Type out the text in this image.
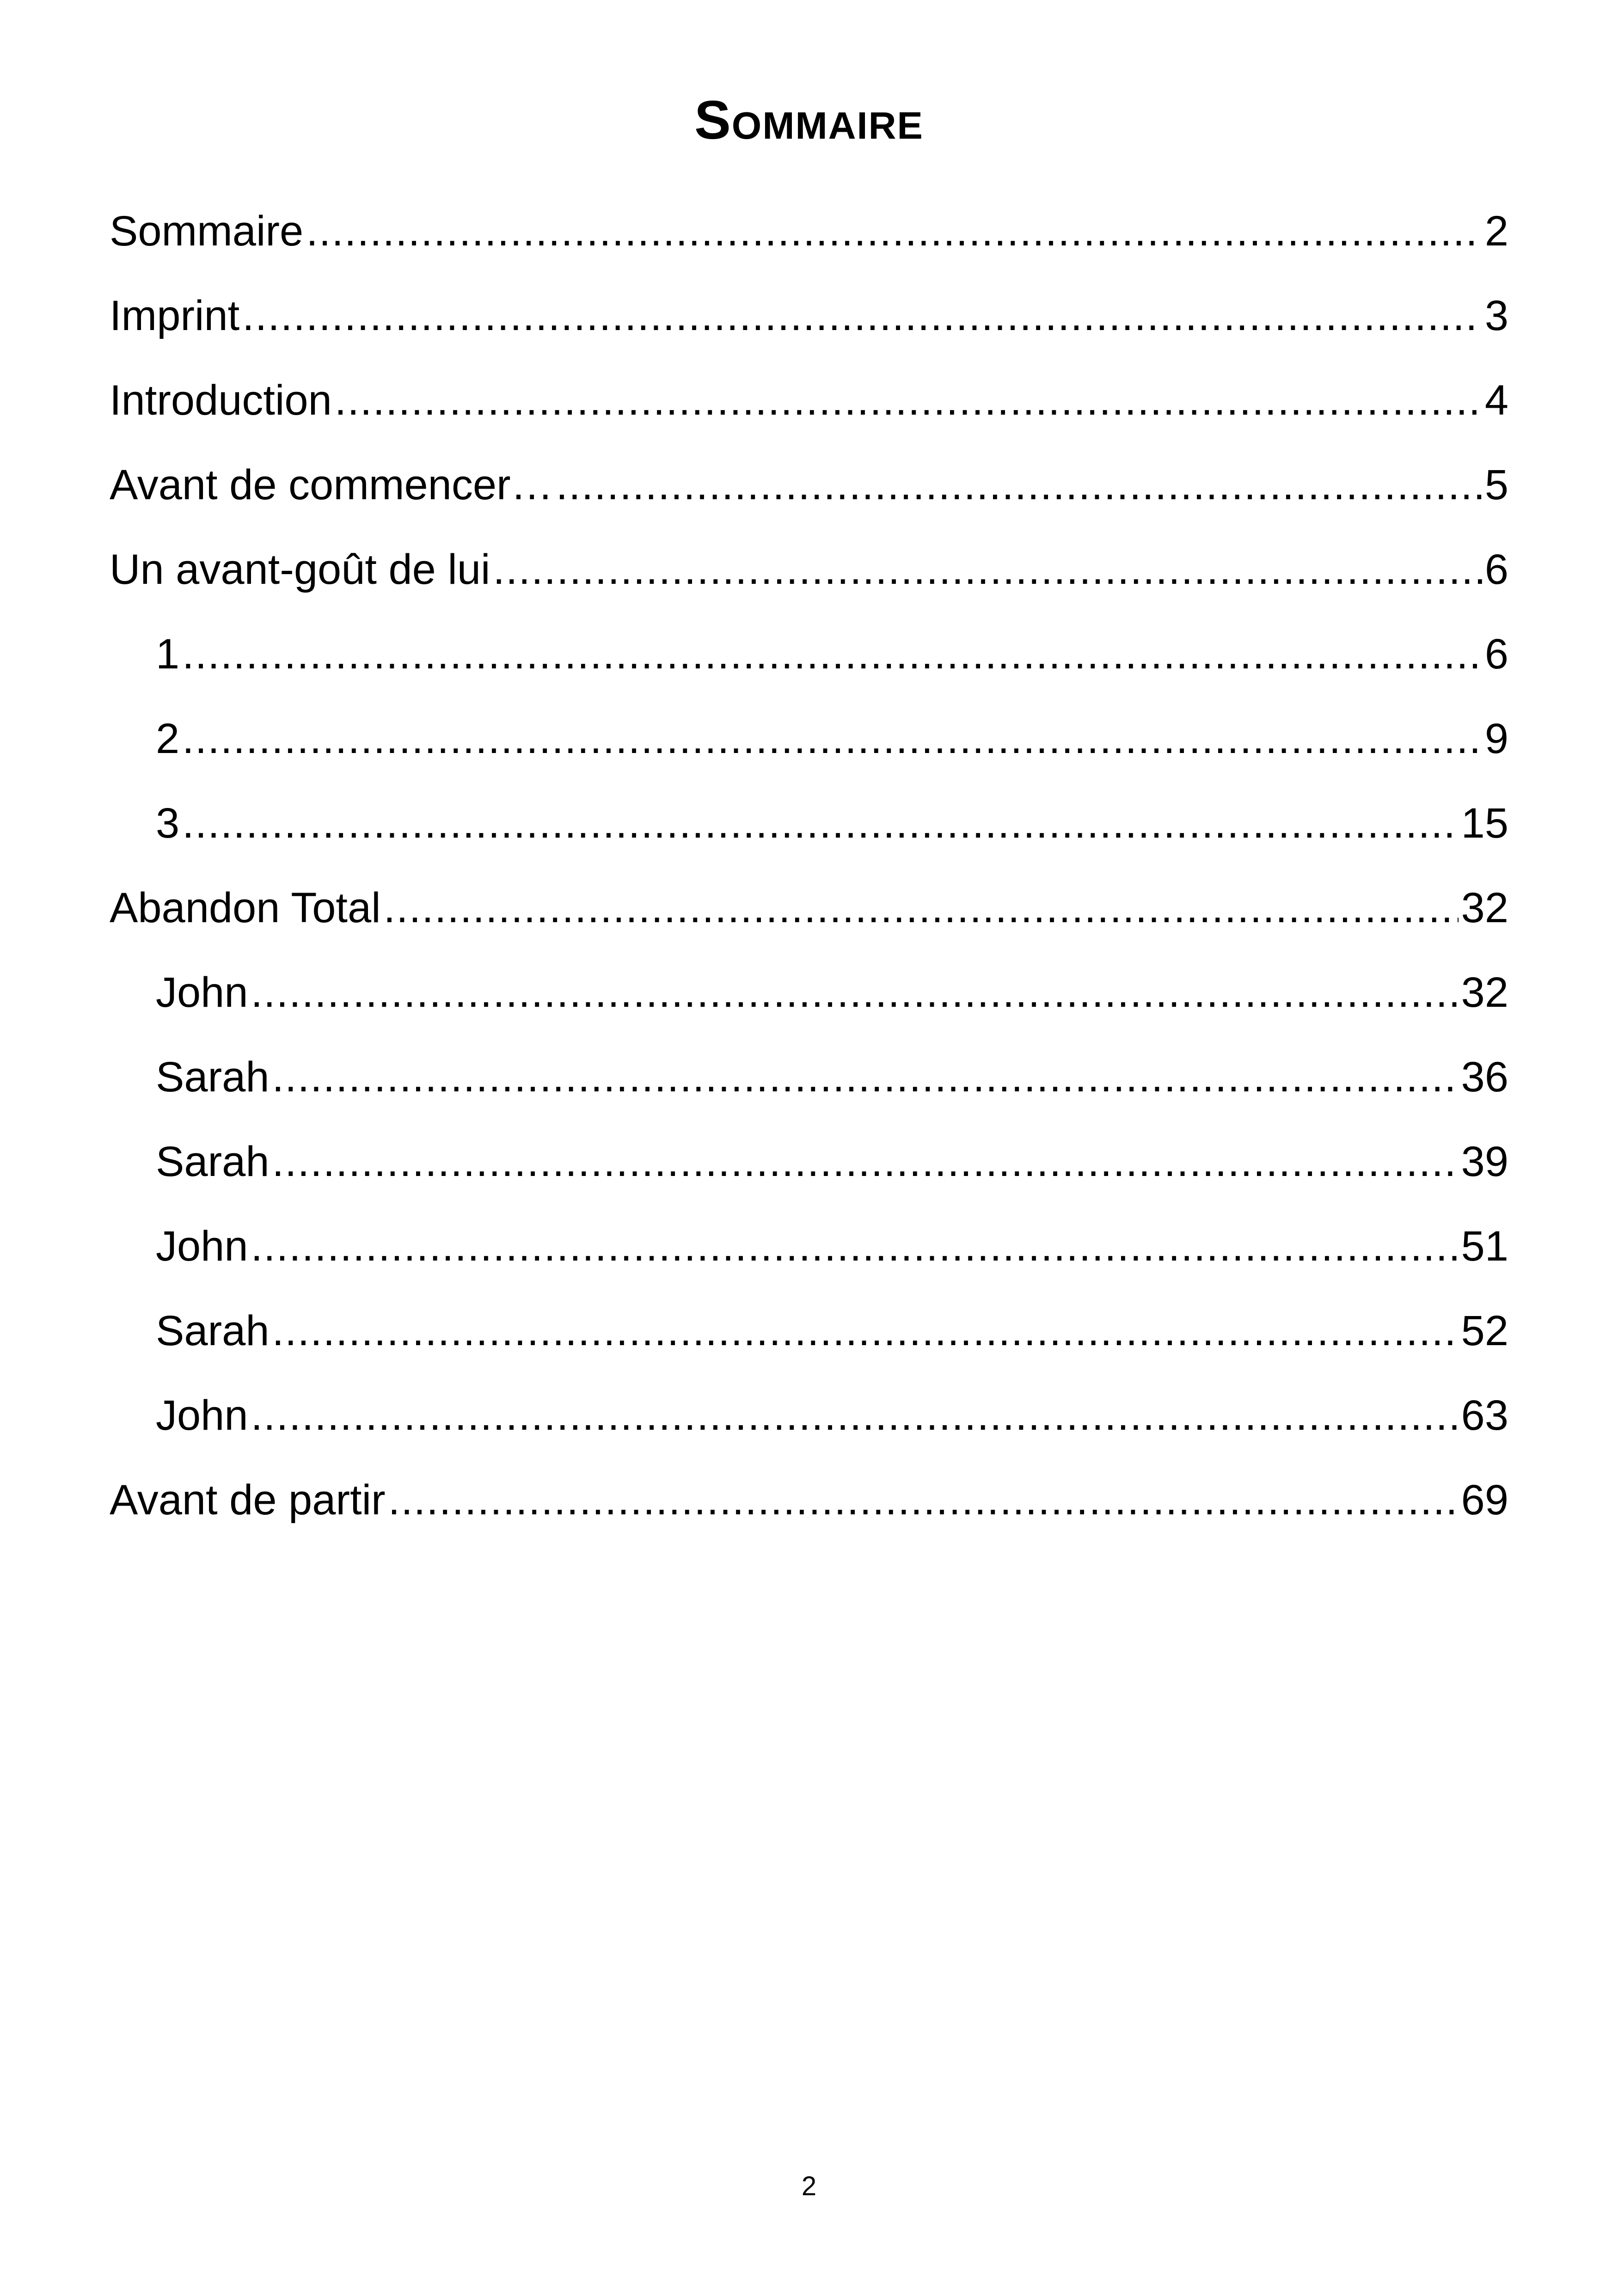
Sommaire
Sommaire .....	2
Imprint .....	3
Introduction .....	4
Avant de commencer… .....	5
Un avant-goût de lui .....	6
1 .....	6
2 .....	9
3 .....	15
Abandon Total .....	32
John .....	32
Sarah .....	36
Sarah .....	39
John .....	51
Sarah .....	52
John .....	63
Avant de partir .....	69
2
